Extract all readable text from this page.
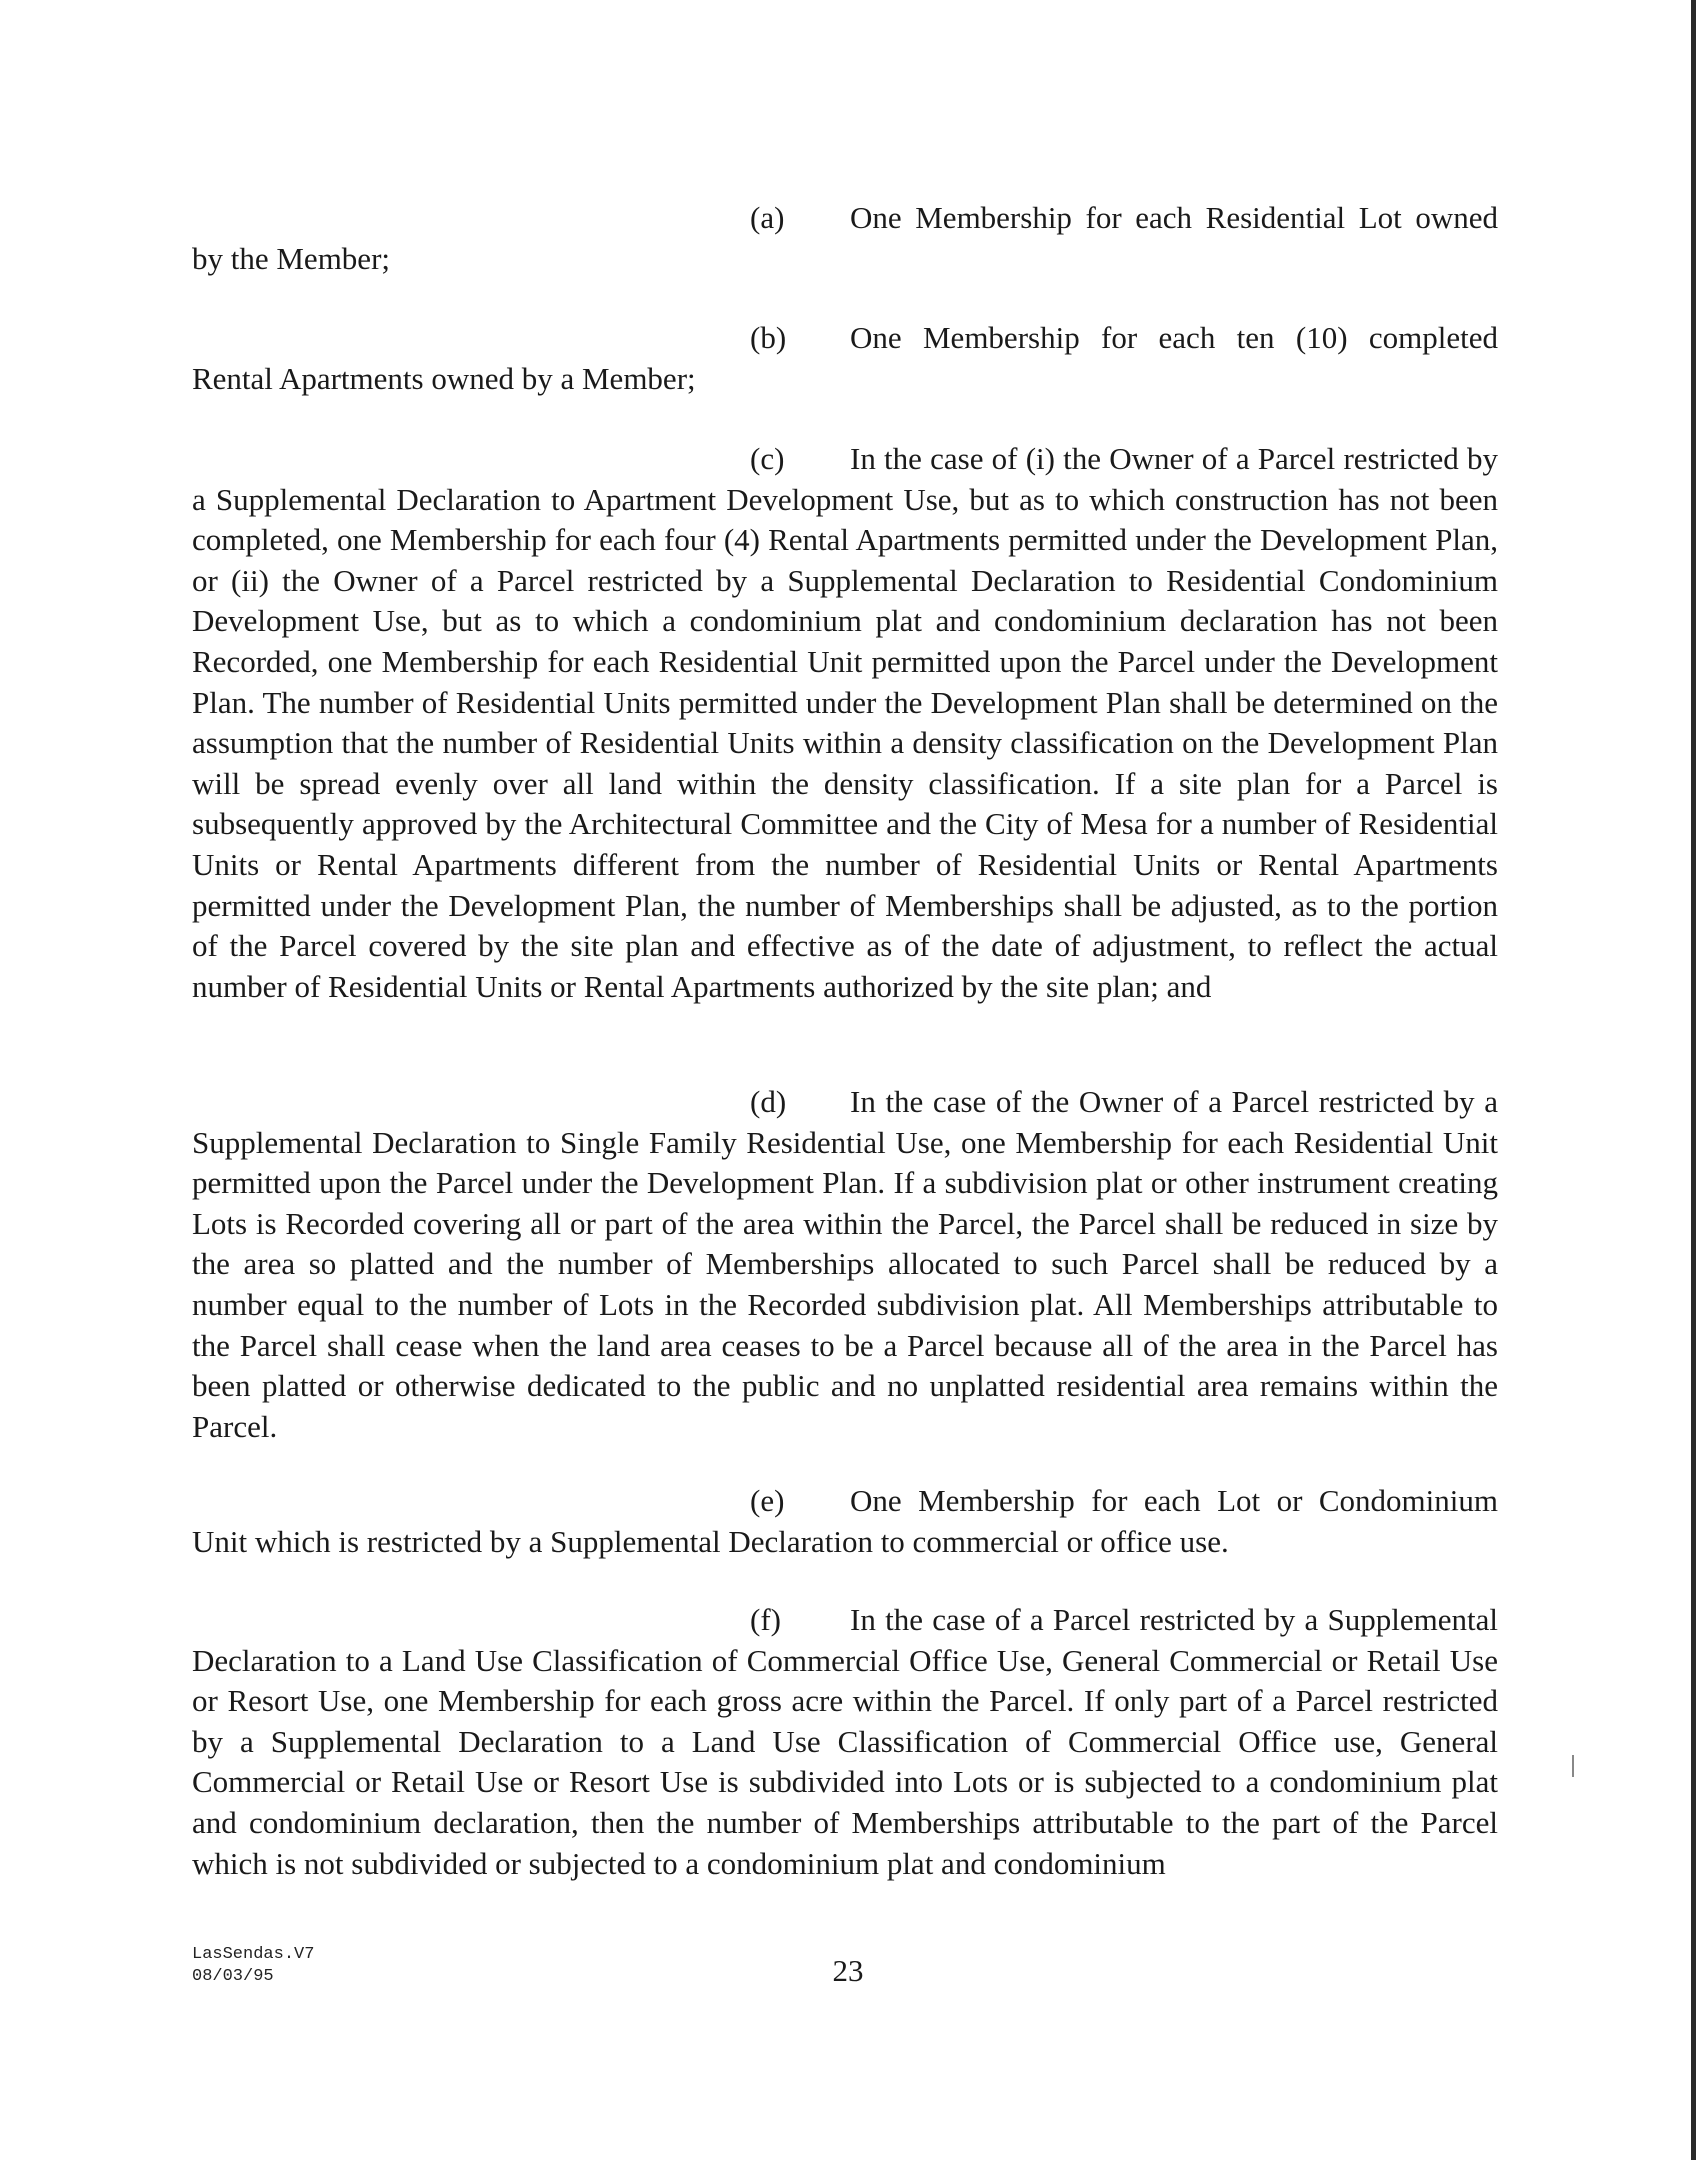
(a) One Membership for each Residential Lot owned by the Member;

(b) One Membership for each ten (10) completed Rental Apartments owned by a Member;

(c) In the case of (i) the Owner of a Parcel restricted by a Supplemental Declaration to Apartment Development Use, but as to which construction has not been completed, one Membership for each four (4) Rental Apartments permitted under the Development Plan, or (ii) the Owner of a Parcel restricted by a Supplemental Declaration to Residential Condominium Development Use, but as to which a condominium plat and condominium declaration has not been Recorded, one Membership for each Residential Unit permitted upon the Parcel under the Development Plan. The number of Residential Units permitted under the Development Plan shall be determined on the assumption that the number of Residential Units within a density classification on the Development Plan will be spread evenly over all land within the density classification. If a site plan for a Parcel is subsequently approved by the Architectural Committee and the City of Mesa for a number of Residential Units or Rental Apartments different from the number of Residential Units or Rental Apartments permitted under the Development Plan, the number of Memberships shall be adjusted, as to the portion of the Parcel covered by the site plan and effective as of the date of adjustment, to reflect the actual number of Residential Units or Rental Apartments authorized by the site plan; and

(d) In the case of the Owner of a Parcel restricted by a Supplemental Declaration to Single Family Residential Use, one Membership for each Residential Unit permitted upon the Parcel under the Development Plan. If a subdivision plat or other instrument creating Lots is Recorded covering all or part of the area within the Parcel, the Parcel shall be reduced in size by the area so platted and the number of Memberships allocated to such Parcel shall be reduced by a number equal to the number of Lots in the Recorded subdivision plat. All Memberships attributable to the Parcel shall cease when the land area ceases to be a Parcel because all of the area in the Parcel has been platted or otherwise dedicated to the public and no unplatted residential area remains within the Parcel.

(e) One Membership for each Lot or Condominium Unit which is restricted by a Supplemental Declaration to commercial or office use.

(f) In the case of a Parcel restricted by a Supplemental Declaration to a Land Use Classification of Commercial Office Use, General Commercial or Retail Use or Resort Use, one Membership for each gross acre within the Parcel. If only part of a Parcel restricted by a Supplemental Declaration to a Land Use Classification of Commercial Office use, General Commercial or Retail Use or Resort Use is subdivided into Lots or is subjected to a condominium plat and condominium declaration, then the number of Memberships attributable to the part of the Parcel which is not subdivided or subjected to a condominium plat and condominium

LasSendas.V7
08/03/95	23
